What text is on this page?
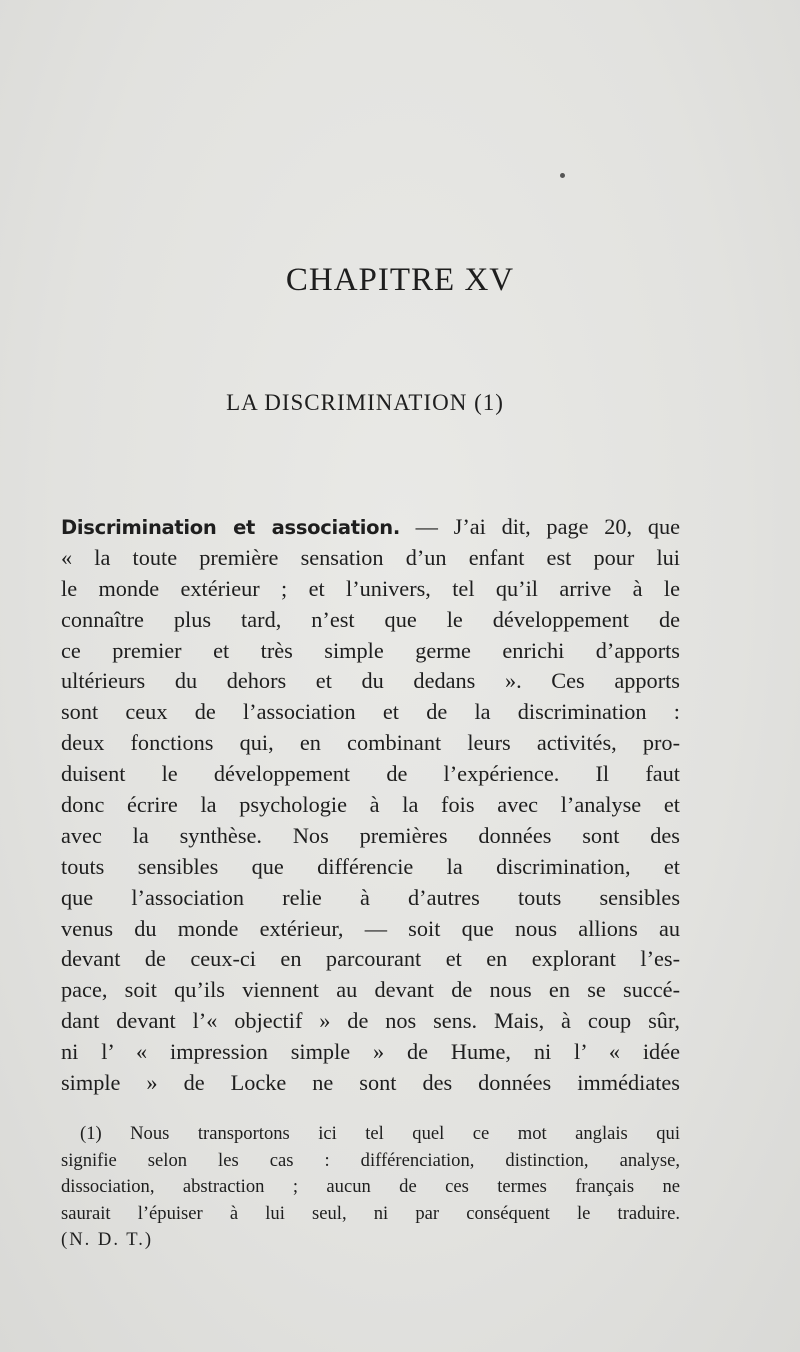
CHAPITRE XV
LA DISCRIMINATION (1)
Discrimination et association. — J’ai dit, page 20, que
« la toute première sensation d’un enfant est pour lui
le monde extérieur ; et l’univers, tel qu’il arrive à le
connaître plus tard, n’est que le développement de
ce premier et très simple germe enrichi d’apports
ultérieurs du dehors et du dedans ». Ces apports
sont ceux de l’association et de la discrimination :
deux fonctions qui, en combinant leurs activités, pro-
duisent le développement de l’expérience. Il faut
donc écrire la psychologie à la fois avec l’analyse et
avec la synthèse. Nos premières données sont des
touts sensibles que différencie la discrimination, et
que l’association relie à d’autres touts sensibles
venus du monde extérieur, — soit que nous allions au
devant de ceux-ci en parcourant et en explorant l’es-
pace, soit qu’ils viennent au devant de nous en se succé-
dant devant l’« objectif » de nos sens. Mais, à coup sûr,
ni l’ « impression simple » de Hume, ni l’ « idée
simple » de Locke ne sont des données immédiates
(1) Nous transportons ici tel quel ce mot anglais qui
signifie selon les cas : différenciation, distinction, analyse,
dissociation, abstraction ; aucun de ces termes français ne
saurait l’épuiser à lui seul, ni par conséquent le traduire.
(N. D. T.)
